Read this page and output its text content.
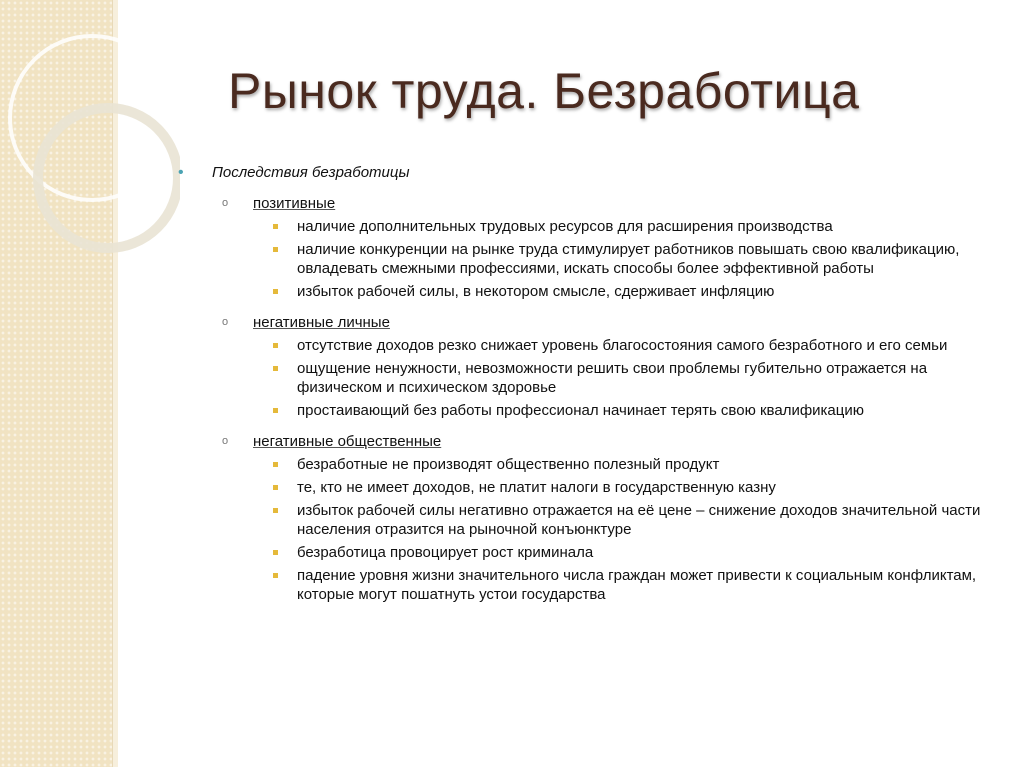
Рынок труда. Безработица
• Последствия безработицы
o позитивные
наличие дополнительных трудовых ресурсов для расширения производства
наличие конкуренции на рынке труда стимулирует работников повышать свою квалификацию, овладевать смежными профессиями, искать способы более эффективной работы
избыток рабочей силы, в некотором смысле, сдерживает инфляцию
o негативные личные
отсутствие доходов резко снижает уровень благосостояния самого безработного и его семьи
ощущение ненужности, невозможности решить свои проблемы губительно отражается на физическом и психическом здоровье
простаивающий без работы профессионал начинает терять свою квалификацию
o негативные общественные
безработные не производят общественно полезный продукт
те, кто не имеет доходов, не платит налоги в государственную казну
избыток рабочей силы негативно отражается на её цене – снижение доходов значительной части населения отразится на рыночной конъюнктуре
безработица провоцирует рост криминала
падение уровня жизни значительного числа граждан может привести к социальным конфликтам, которые могут пошатнуть устои государства
